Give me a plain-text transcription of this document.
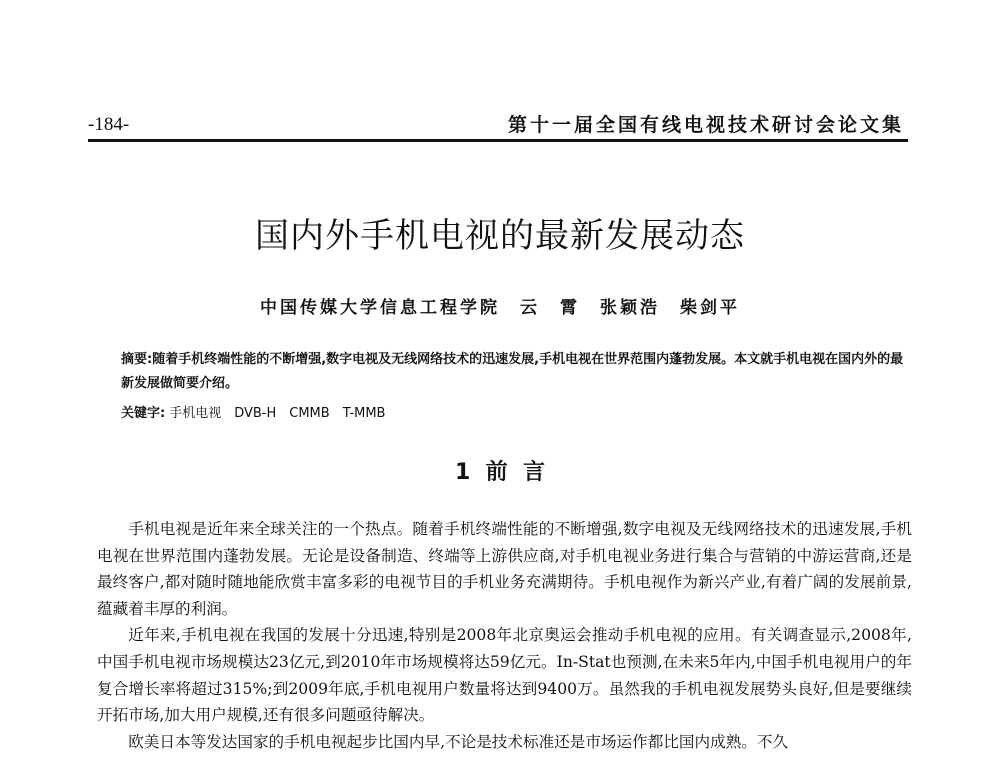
-184-	第十一届全国有线电视技术研讨会论文集
国内外手机电视的最新发展动态
中国传媒大学信息工程学院　云　霄　张颖浩　柴剑平
摘要:随着手机终端性能的不断增强,数字电视及无线网络技术的迅速发展,手机电视在世界范围内蓬勃发展。本文就手机电视在国内外的最新发展做简要介绍。
关键字: 手机电视　DVB-H　CMMB　T-MMB
1  前  言

手机电视是近年来全球关注的一个热点。随着手机终端性能的不断增强,数字电视及无线网络技术的迅速发展,手机电视在世界范围内蓬勃发展。无论是设备制造、终端等上游供应商,对手机电视业务进行集合与营销的中游运营商,还是最终客户,都对随时随地能欣赏丰富多彩的电视节目的手机业务充满期待。手机电视作为新兴产业,有着广阔的发展前景,蕴藏着丰厚的利润。

近年来,手机电视在我国的发展十分迅速,特别是2008年北京奥运会推动手机电视的应用。有关调查显示,2008年,中国手机电视市场规模达23亿元,到2010年市场规模将达59亿元。In-Stat也预测,在未来5年内,中国手机电视用户的年复合增长率将超过315%;到2009年底,手机电视用户数量将达到9400万。虽然我的手机电视发展势头良好,但是要继续开拓市场,加大用户规模,还有很多问题亟待解决。

欧美日本等发达国家的手机电视起步比国内早,不论是技术标准还是市场运作都比国内成熟。不久
